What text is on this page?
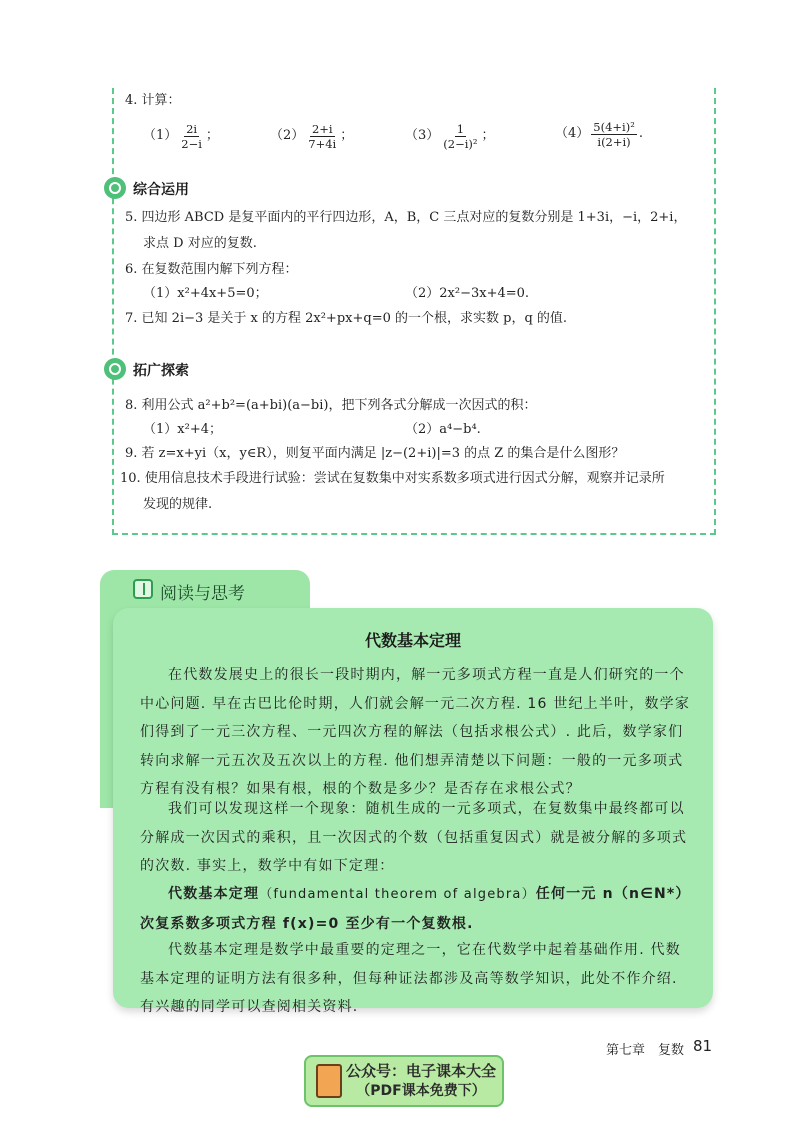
4. 计算：
$(1) \frac{2i}{2-i}$ ；	$(2) \frac{2+i}{7+4i}$ ；	$(3) \frac{1}{\text{(2−i)²}}$ ；	$(4) \frac{\text{5(4+i)²}}{i(2+i)}$ .
综合运用
5. 四边形 ABCD 是复平面内的平行四边形，A，B，C 三点对应的复数分别是 1+3i，−i，2+i，
求点 D 对应的复数.
6. 在复数范围内解下列方程：
（1）x²+4x+5=0；	（2）2x²−3x+4=0.
7. 已知 2i−3 是关于 x 的方程 2x²+px+q=0 的一个根，求实数 p，q 的值.
拓广探索
8. 利用公式 a²+b²=(a+bi)(a−bi)，把下列各式分解成一次因式的积：
（1）x²+4；	（2）a⁴−b⁴.
9. 若 z=x+yi（x，y∈R），则复平面内满足 |z−(2+i)|=3 的点 Z 的集合是什么图形？
10. 使用信息技术手段进行试验：尝试在复数集中对实系数多项式进行因式分解，观察并记录所
发现的规律.
阅读与思考
代数基本定理
在代数发展史上的很长一段时期内，解一元多项式方程一直是人们研究的一个中心问题. 早在古巴比伦时期，人们就会解一元二次方程. 16 世纪上半叶，数学家们得到了一元三次方程、一元四次方程的解法（包括求根公式）. 此后，数学家们转向求解一元五次及五次以上的方程. 他们想弄清楚以下问题：一般的一元多项式方程有没有根？如果有根，根的个数是多少？是否存在求根公式？
我们可以发现这样一个现象：随机生成的一元多项式，在复数集中最终都可以分解成一次因式的乘积，且一次因式的个数（包括重复因式）就是被分解的多项式的次数. 事实上，数学中有如下定理：
代数基本定理（fundamental theorem of algebra）任何一元 n（n∈N*）次复系数多项式方程 f(x)=0 至少有一个复数根.
代数基本定理是数学中最重要的定理之一，它在代数学中起着基础作用. 代数基本定理的证明方法有很多种，但每种证法都涉及高等数学知识，此处不作介绍. 有兴趣的同学可以查阅相关资料.
第七章　复数 81
公众号：电子课本大全
（PDF课本免费下）
